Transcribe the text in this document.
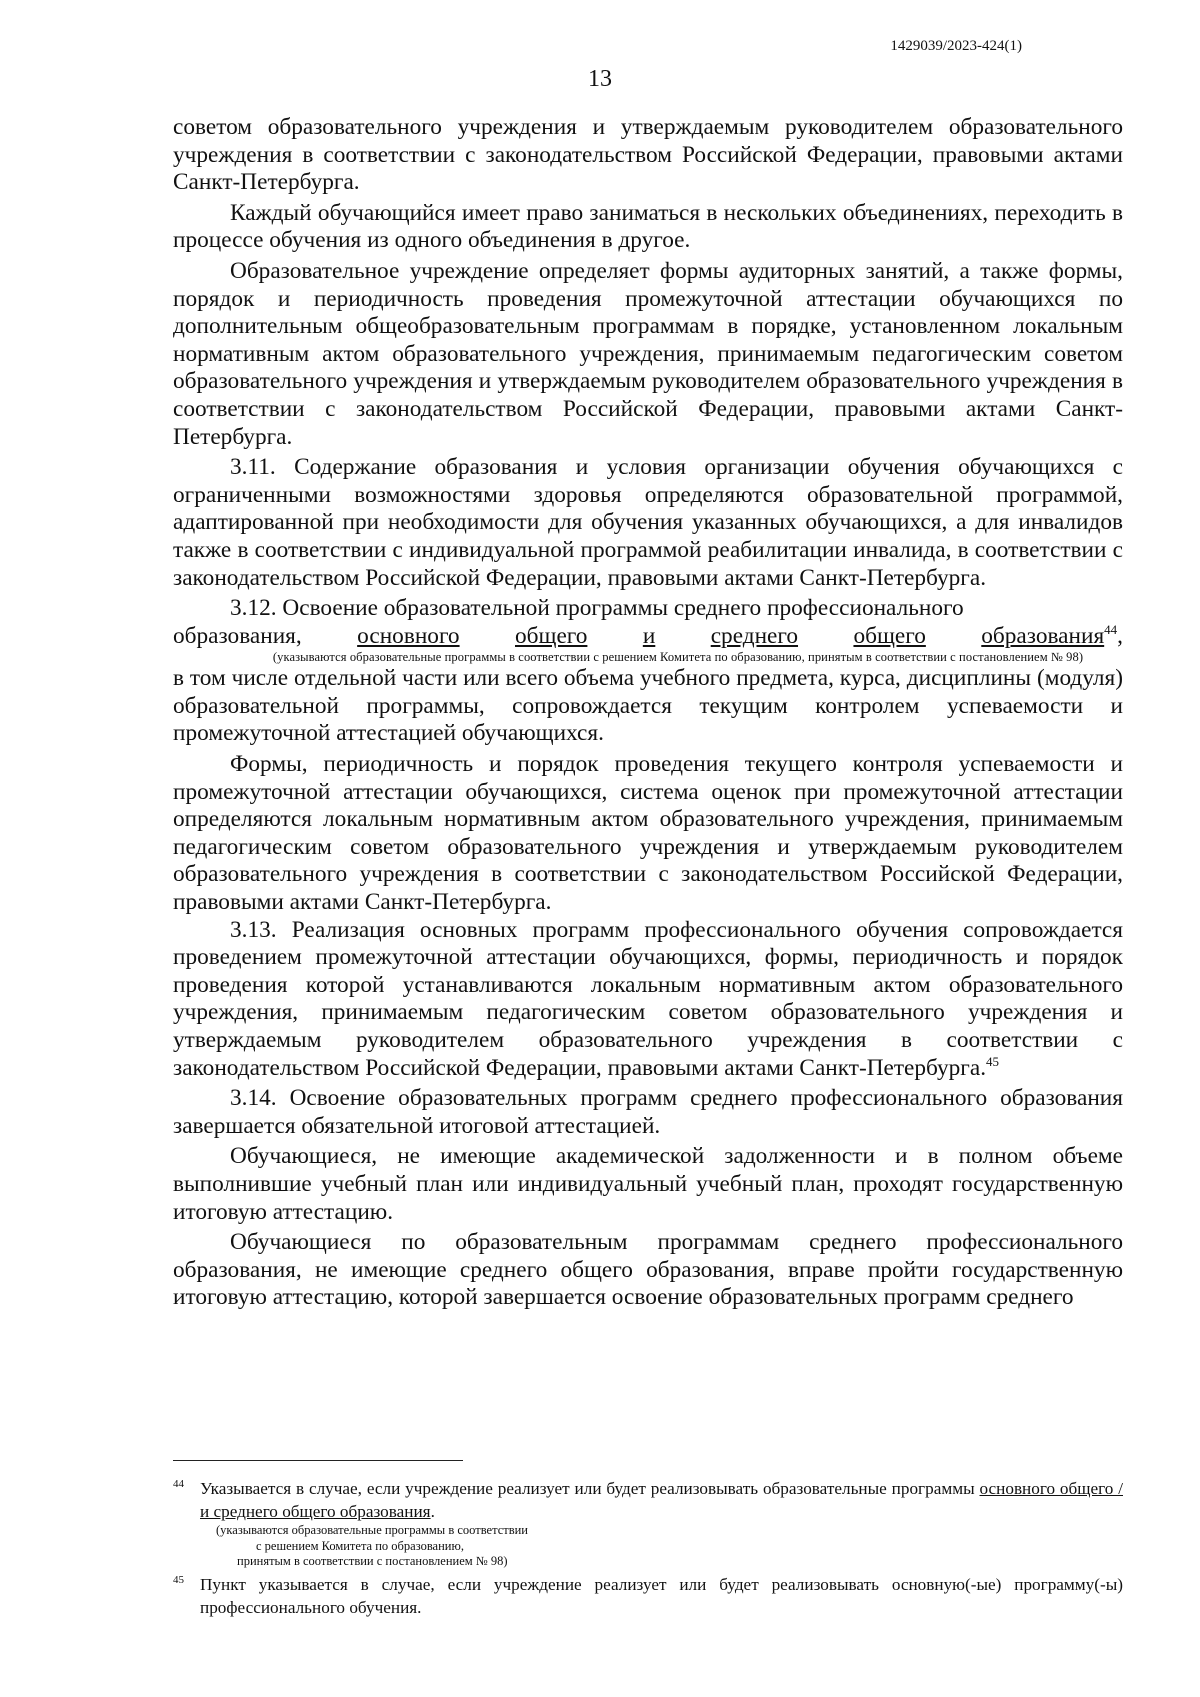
1429039/2023-424(1)
13

советом образовательного учреждения и утверждаемым руководителем образовательного учреждения в соответствии с законодательством Российской Федерации, правовыми актами Санкт-Петербурга.

Каждый обучающийся имеет право заниматься в нескольких объединениях, переходить в процессе обучения из одного объединения в другое.

Образовательное учреждение определяет формы аудиторных занятий, а также формы, порядок и периодичность проведения промежуточной аттестации обучающихся по дополнительным общеобразовательным программам в порядке, установленном локальным нормативным актом образовательного учреждения, принимаемым педагогическим советом образовательного учреждения и утверждаемым руководителем образовательного учреждения в соответствии с законодательством Российской Федерации, правовыми актами Санкт-Петербурга.

3.11. Содержание образования и условия организации обучения обучающихся с ограниченными возможностями здоровья определяются образовательной программой, адаптированной при необходимости для обучения указанных обучающихся, а для инвалидов также в соответствии с индивидуальной программой реабилитации инвалида, в соответствии с законодательством Российской Федерации, правовыми актами Санкт-Петербурга.

3.12. Освоение образовательной программы среднего профессионального

образования, основного общего и среднего общего образования$^{44}$,

(указываются образовательные программы в соответствии с решением Комитета по образованию, принятым в соответствии с постановлением № 98)

в том числе отдельной части или всего объема учебного предмета, курса, дисциплины (модуля) образовательной программы, сопровождается текущим контролем успеваемости и промежуточной аттестацией обучающихся.

Формы, периодичность и порядок проведения текущего контроля успеваемости и промежуточной аттестации обучающихся, система оценок при промежуточной аттестации определяются локальным нормативным актом образовательного учреждения, принимаемым педагогическим советом образовательного учреждения и утверждаемым руководителем образовательного учреждения в соответствии с законодательством Российской Федерации, правовыми актами Санкт-Петербурга.

3.13. Реализация основных программ профессионального обучения сопровождается проведением промежуточной аттестации обучающихся, формы, периодичность и порядок проведения которой устанавливаются локальным нормативным актом образовательного учреждения, принимаемым педагогическим советом образовательного учреждения и утверждаемым руководителем образовательного учреждения в соответствии с законодательством Российской Федерации, правовыми актами Санкт-Петербурга.$^{45}$

3.14. Освоение образовательных программ среднего профессионального образования завершается обязательной итоговой аттестацией.

Обучающиеся, не имеющие академической задолженности и в полном объеме выполнившие учебный план или индивидуальный учебный план, проходят государственную итоговую аттестацию.

Обучающиеся по образовательным программам среднего профессионального образования, не имеющие среднего общего образования, вправе пройти государственную итоговую аттестацию, которой завершается освоение образовательных программ среднего

44 Указывается в случае, если учреждение реализует или будет реализовывать образовательные программы основного общего /и среднего общего образования.
(указываются образовательные программы в соответствии
с решением Комитета по образованию,
принятым в соответствии с постановлением № 98)
45 Пункт указывается в случае, если учреждение реализует или будет реализовывать основную(-ые) программу(-ы) профессионального обучения.
